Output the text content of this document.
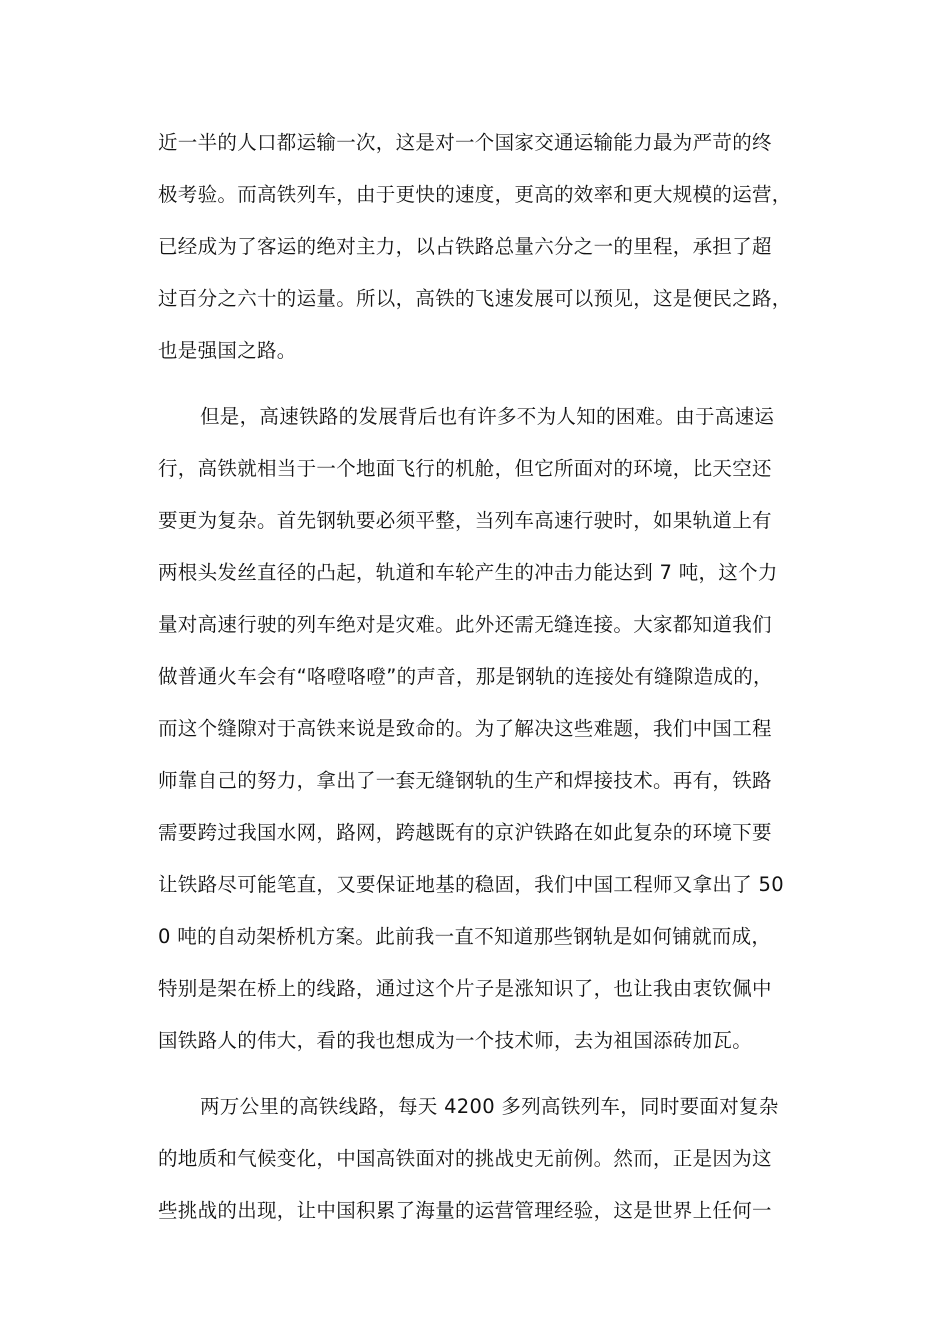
近一半的人口都运输一次，这是对一个国家交通运输能力最为严苛的终
极考验。而高铁列车，由于更快的速度，更高的效率和更大规模的运营，
已经成为了客运的绝对主力，以占铁路总量六分之一的里程，承担了超
过百分之六十的运量。所以，高铁的飞速发展可以预见，这是便民之路，
也是强国之路。
但是，高速铁路的发展背后也有许多不为人知的困难。由于高速运
行，高铁就相当于一个地面飞行的机舱，但它所面对的环境，比天空还
要更为复杂。首先钢轨要必须平整，当列车高速行驶时，如果轨道上有
两根头发丝直径的凸起，轨道和车轮产生的冲击力能达到 7 吨，这个力
量对高速行驶的列车绝对是灾难。此外还需无缝连接。大家都知道我们
做普通火车会有“咯噔咯噔”的声音，那是钢轨的连接处有缝隙造成的，
而这个缝隙对于高铁来说是致命的。为了解决这些难题，我们中国工程
师靠自己的努力，拿出了一套无缝钢轨的生产和焊接技术。再有，铁路
需要跨过我国水网，路网，跨越既有的京沪铁路在如此复杂的环境下要
让铁路尽可能笔直，又要保证地基的稳固，我们中国工程师又拿出了 50
0 吨的自动架桥机方案。此前我一直不知道那些钢轨是如何铺就而成，
特别是架在桥上的线路，通过这个片子是涨知识了，也让我由衷钦佩中
国铁路人的伟大，看的我也想成为一个技术师，去为祖国添砖加瓦。
两万公里的高铁线路，每天 4200 多列高铁列车，同时要面对复杂
的地质和气候变化，中国高铁面对的挑战史无前例。然而，正是因为这
些挑战的出现，让中国积累了海量的运营管理经验，这是世界上任何一
